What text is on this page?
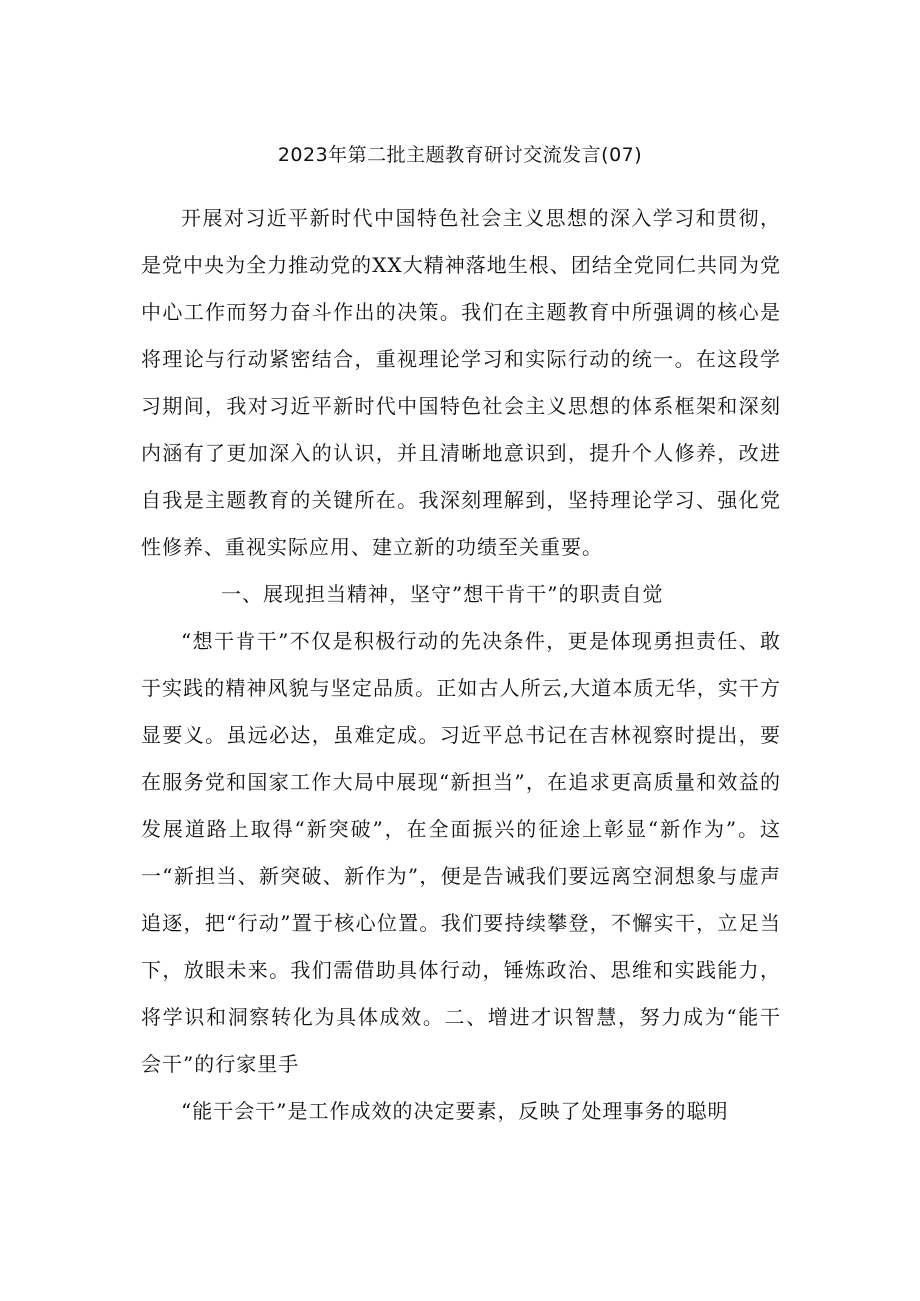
2023年第二批主题教育研讨交流发言(07)

开展对习近平新时代中国特色社会主义思想的深入学习和贯彻，是党中央为全力推动党的XX大精神落地生根、团结全党同仁共同为党中心工作而努力奋斗作出的决策。我们在主题教育中所强调的核心是将理论与行动紧密结合，重视理论学习和实际行动的统一。在这段学习期间，我对习近平新时代中国特色社会主义思想的体系框架和深刻内涵有了更加深入的认识，并且清晰地意识到，提升个人修养，改进自我是主题教育的关键所在。我深刻理解到，坚持理论学习、强化党性修养、重视实际应用、建立新的功绩至关重要。

一、展现担当精神，坚守”想干肯干”的职责自觉

“想干肯干”不仅是积极行动的先决条件，更是体现勇担责任、敢于实践的精神风貌与坚定品质。正如古人所云,大道本质无华，实干方显要义。虽远必达，虽难定成。习近平总书记在吉林视察时提出，要在服务党和国家工作大局中展现“新担当”，在追求更高质量和效益的发展道路上取得“新突破”，在全面振兴的征途上彰显“新作为”。这一“新担当、新突破、新作为”，便是告诫我们要远离空洞想象与虚声追逐，把“行动”置于核心位置。我们要持续攀登，不懈实干，立足当下，放眼未来。我们需借助具体行动，锤炼政治、思维和实践能力，将学识和洞察转化为具体成效。二、增进才识智慧，努力成为“能干会干”的行家里手

“能干会干”是工作成效的决定要素，反映了处理事务的聪明
